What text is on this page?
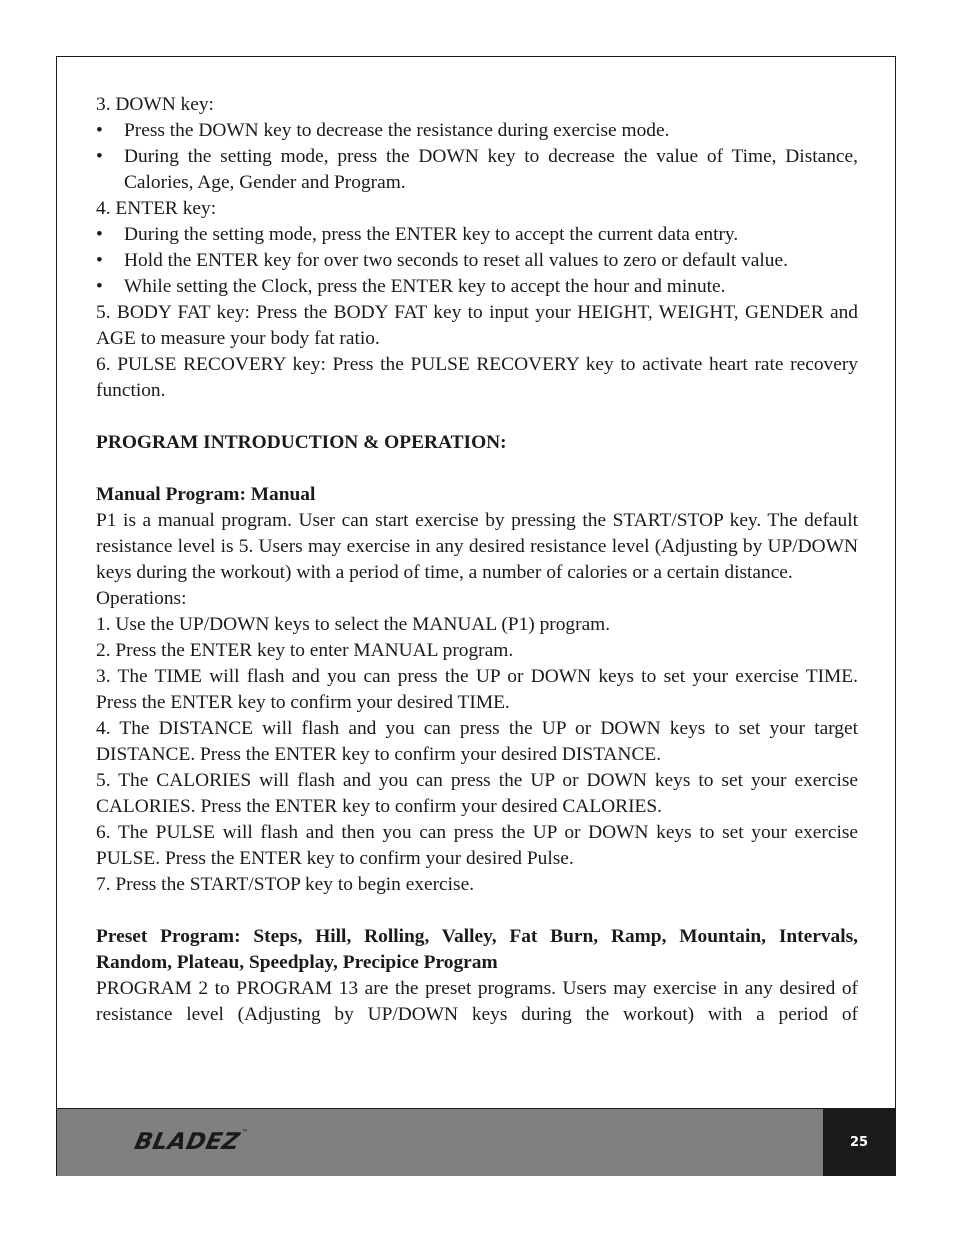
3. DOWN key:

• Press the DOWN key to decrease the resistance during exercise mode.

• During the setting mode, press the DOWN key to decrease the value of Time, Distance, Calories, Age, Gender and Program.

4. ENTER key:

• During the setting mode, press the ENTER key to accept the current data entry.

• Hold the ENTER key for over two seconds to reset all values to zero or default value.

• While setting the Clock, press the ENTER key to accept the hour and minute.

5. BODY FAT key: Press the BODY FAT key to input your HEIGHT, WEIGHT, GENDER and AGE to measure your body fat ratio.

6. PULSE RECOVERY key: Press the PULSE RECOVERY key to activate heart rate recovery function.

PROGRAM INTRODUCTION & OPERATION:

Manual Program: Manual

P1 is a manual program. User can start exercise by pressing the START/STOP key. The default resistance level is 5. Users may exercise in any desired resistance level (Adjusting by UP/DOWN keys during the workout) with a period of time, a number of calories or a certain distance.

Operations:

1. Use the UP/DOWN keys to select the MANUAL (P1) program.

2. Press the ENTER key to enter MANUAL program.

3. The TIME will flash and you can press the UP or DOWN keys to set your exercise TIME. Press the ENTER key to confirm your desired TIME.

4. The DISTANCE will flash and you can press the UP or DOWN keys to set your target DISTANCE. Press the ENTER key to confirm your desired DISTANCE.

5. The CALORIES will flash and you can press the UP or DOWN keys to set your exercise CALORIES. Press the ENTER key to confirm your desired CALORIES.

6. The PULSE will flash and then you can press the UP or DOWN keys to set your exercise PULSE. Press the ENTER key to confirm your desired Pulse.

7. Press the START/STOP key to begin exercise.

Preset Program: Steps, Hill, Rolling, Valley, Fat Burn, Ramp, Mountain, Intervals, Random, Plateau, Speedplay, Precipice Program

PROGRAM 2 to PROGRAM 13 are the preset programs. Users may exercise in any desired of resistance level (Adjusting by UP/DOWN keys during the workout) with a period of

BLADEZ™
25
